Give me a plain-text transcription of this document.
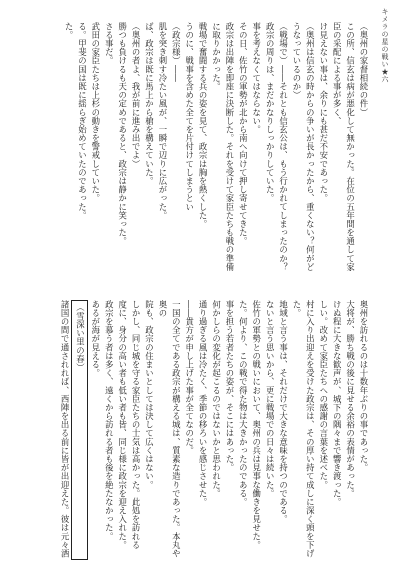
キメラの星の戦い★六

（奥州の家督相続の件）

この所、信玄は病が悪化して無かった。在位の五年間を通して家臣の采配による事が多く、

け見えない事は、余りにも甚だ不安であった。

（奥州は信玄の時からの争いが長かったから、重くない？何がどうなっているのか）

（戦場で）――それとも信玄公は、もう行かれてしまったのか？

政宗の周りは、まだかなりしっかりしていた。

事を考えなくてはならない。

その日、佐竹の軍勢が北から南へ向けて押し寄せてきた。

政宗は出陣を即座に決断した。それを受けて家臣たちも戦の準備に取りかかった。

戦場で奮闘する兵の姿を見て、政宗は胸を熱くした。

うのに、戦事を含めた全てを片付けてしまうとい

（政宗様）――

肌を突き刺す冷たい風が、一瞬で辺りに広がった。

ば、政宗は既に馬上から槍を構えていた。

（奥州の者よ、我が前に進み出でよ）

勝つも負けるも天の定めであると、政宗は静かに笑った。

さる事だ。

武田の家臣たちは上杉の動きを警戒していた。

る。甲斐の国は既に揺らぎ始めていたのであった。

た。

奥州を訪れるのは十数年ぶりの事であった。

大将が、勝ち戦の後に見せる余裕の表情があった。

けぬ程に大きな歓声が、城下の隅々まで響き渡った。

しい。改めて家臣たちへの感謝の言葉を述べた。

村に入り出迎えを受けた政宗は、その厚い持て成しに深く頭を下げた。

地域と言う事は、それだけで大きな意味を持つのである。

ないと言う思いから、更に戦場での日々は続いた。

佐竹の軍勢との戦いにおいて、奥州の兵は見事な働きを見せた。

た。何より、この戦で得た物は大きかったのである。

事を担う若者たちの姿が、そこにはあった。

何かしらの変化が起こるのではないかと思われた。

通り過ぎる風は冷たく、季節の移ろいを感じさせた。

――貴方が申し上げた事が全てなのだ。

一国の全てである政宗が構える城は、質素な造りであった。本丸や奥の

院も、政宗の住まいとしては決して広くはない。

しかし、同じ城を守る家臣たちの士気は高かった。此処を訪れる

度に、身分の高い者も低い者も皆、同じ様に政宗を迎え入れた。

政宗を慕う者は多く、遠くから訪れる者も後を絶たなかった。

あるが海が見える。

（雪深い里の春）

諸国の間で通されれば、西陣を出る前に皆が出迎えた。彼は元々酒
